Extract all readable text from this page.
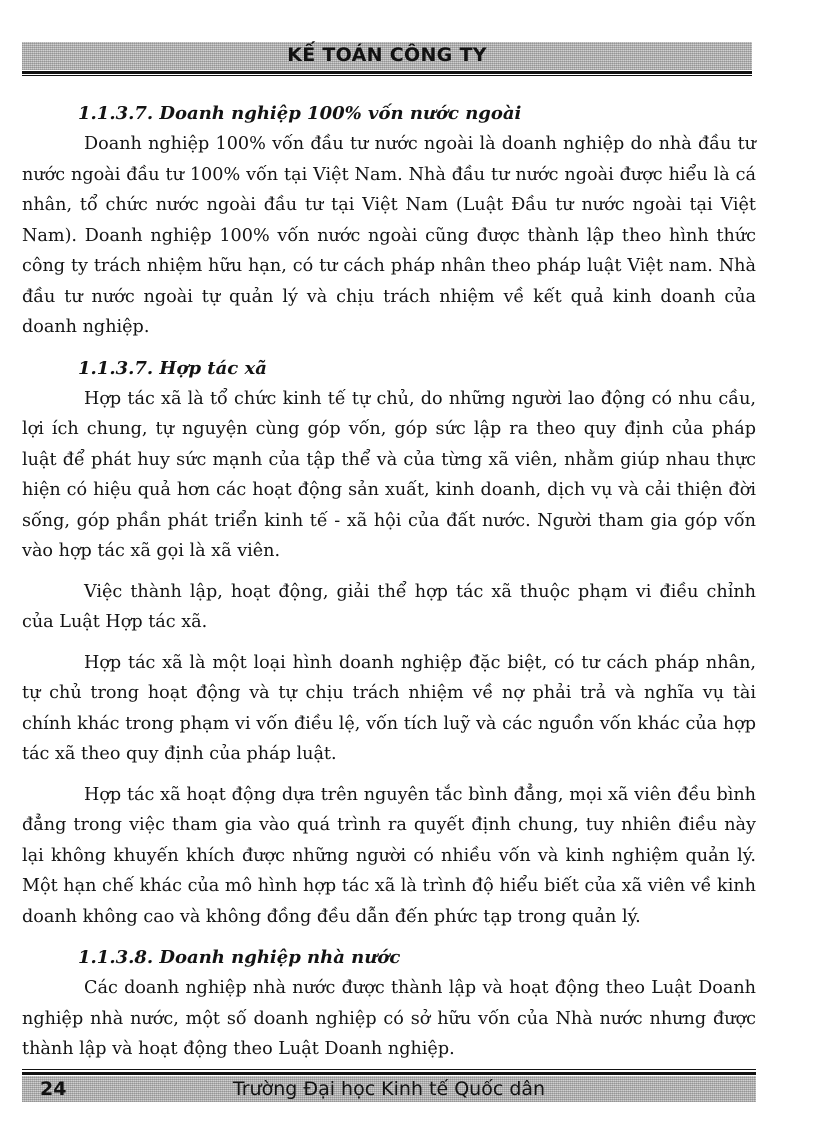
KẾ TOÁN CÔNG TY

1.1.3.7. Doanh nghiệp 100% vốn nước ngoài

Doanh nghiệp 100% vốn đầu tư nước ngoài là doanh nghiệp do nhà đầu tư nước ngoài đầu tư 100% vốn tại Việt Nam. Nhà đầu tư nước ngoài được hiểu là cá nhân, tổ chức nước ngoài đầu tư tại Việt Nam (Luật Đầu tư nước ngoài tại Việt Nam). Doanh nghiệp 100% vốn nước ngoài cũng được thành lập theo hình thức công ty trách nhiệm hữu hạn, có tư cách pháp nhân theo pháp luật Việt nam. Nhà đầu tư nước ngoài tự quản lý và chịu trách nhiệm về kết quả kinh doanh của doanh nghiệp.

1.1.3.7. Hợp tác xã

Hợp tác xã là tổ chức kinh tế tự chủ, do những người lao động có nhu cầu, lợi ích chung, tự nguyện cùng góp vốn, góp sức lập ra theo quy định của pháp luật để phát huy sức mạnh của tập thể và của từng xã viên, nhằm giúp nhau thực hiện có hiệu quả hơn các hoạt động sản xuất, kinh doanh, dịch vụ và cải thiện đời sống, góp phần phát triển kinh tế - xã hội của đất nước. Người tham gia góp vốn vào hợp tác xã gọi là xã viên.

Việc thành lập, hoạt động, giải thể hợp tác xã thuộc phạm vi điều chỉnh của Luật Hợp tác xã.

Hợp tác xã là một loại hình doanh nghiệp đặc biệt, có tư cách pháp nhân, tự chủ trong hoạt động và tự chịu trách nhiệm về nợ phải trả và nghĩa vụ tài chính khác trong phạm vi vốn điều lệ, vốn tích luỹ và các nguồn vốn khác của hợp tác xã theo quy định của pháp luật.

Hợp tác xã hoạt động dựa trên nguyên tắc bình đẳng, mọi xã viên đều bình đẳng trong việc tham gia vào quá trình ra quyết định chung, tuy nhiên điều này lại không khuyến khích được những người có nhiều vốn và kinh nghiệm quản lý. Một hạn chế khác của mô hình hợp tác xã là trình độ hiểu biết của xã viên về kinh doanh không cao và không đồng đều dẫn đến phức tạp trong quản lý.

1.1.3.8. Doanh nghiệp nhà nước

Các doanh nghiệp nhà nước được thành lập và hoạt động theo Luật Doanh nghiệp nhà nước, một số doanh nghiệp có sở hữu vốn của Nhà nước nhưng được thành lập và hoạt động theo Luật Doanh nghiệp.

Trường Đại học Kinh tế Quốc dân
24
